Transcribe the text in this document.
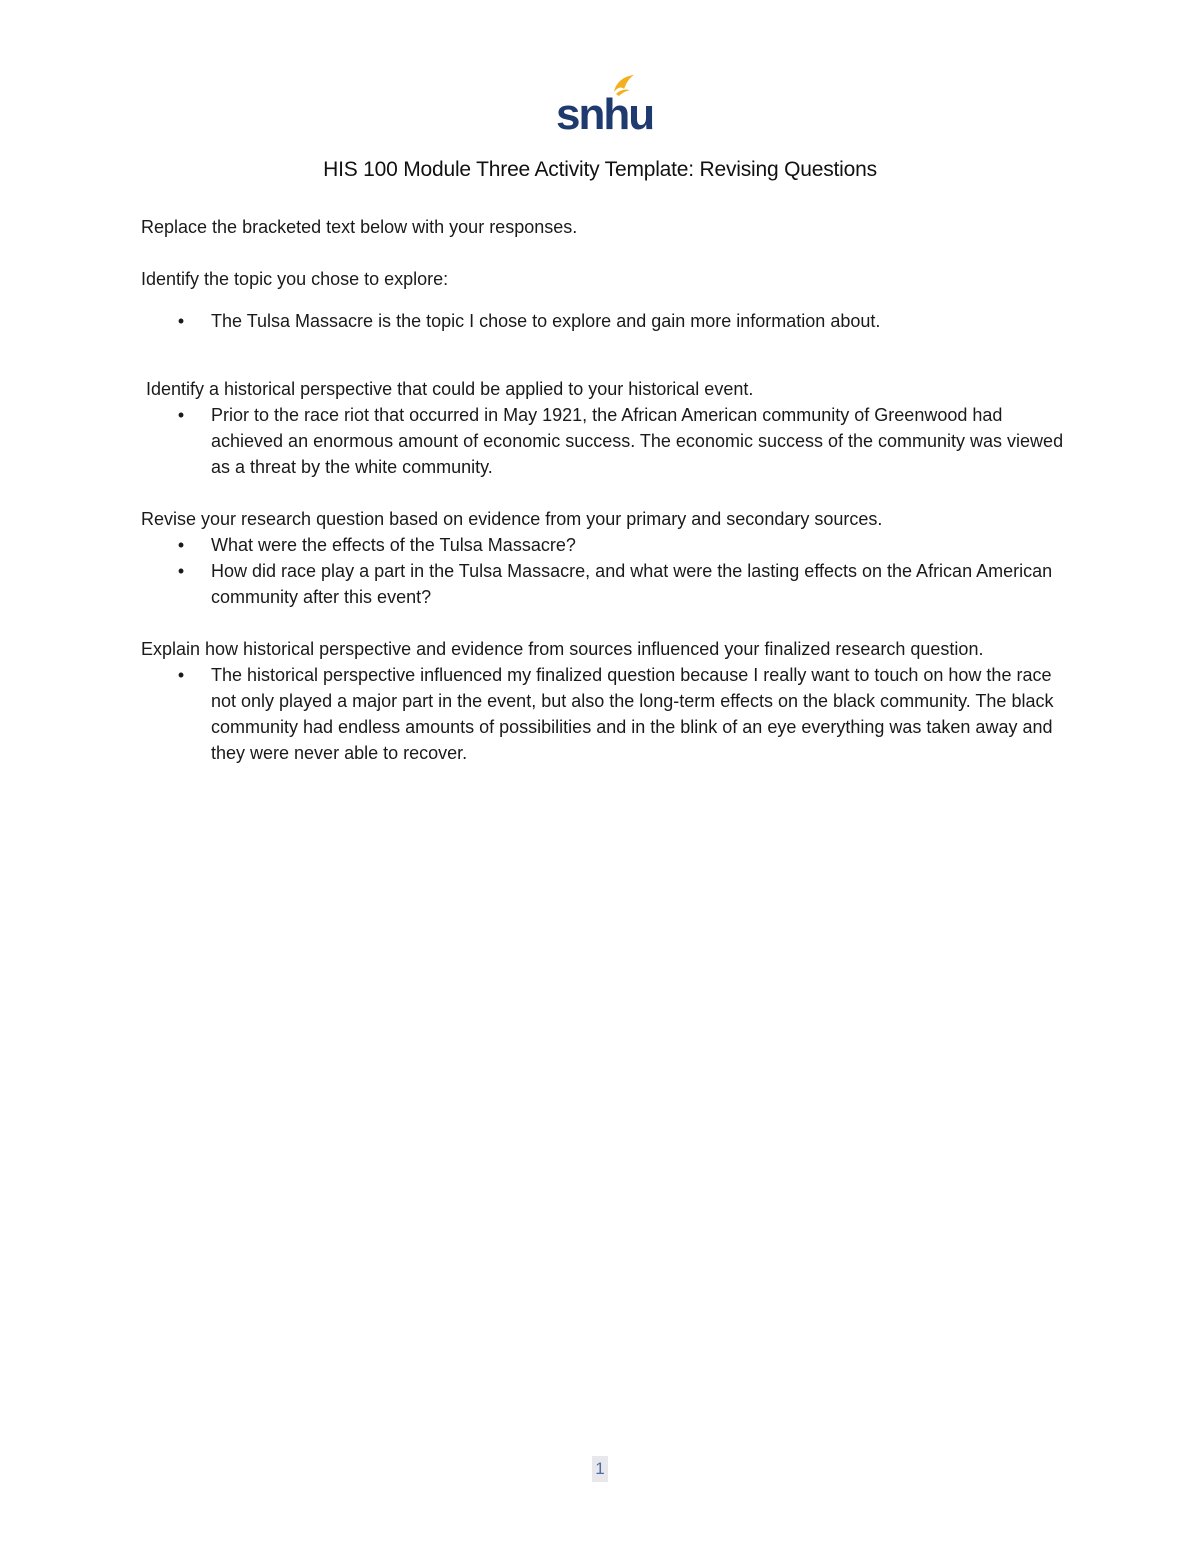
snhu
HIS 100 Module Three Activity Template: Revising Questions

Replace the bracketed text below with your responses.

Identify the topic you chose to explore:

• The Tulsa Massacre is the topic I chose to explore and gain more information about.

Identify a historical perspective that could be applied to your historical event.

• Prior to the race riot that occurred in May 1921, the African American community of Greenwood had achieved an enormous amount of economic success. The economic success of the community was viewed as a threat by the white community.

Revise your research question based on evidence from your primary and secondary sources.

• What were the effects of the Tulsa Massacre?
• How did race play a part in the Tulsa Massacre, and what were the lasting effects on the African American community after this event?

Explain how historical perspective and evidence from sources influenced your finalized research question.

• The historical perspective influenced my finalized question because I really want to touch on how the race not only played a major part in the event, but also the long-term effects on the black community. The black community had endless amounts of possibilities and in the blink of an eye everything was taken away and they were never able to recover.
1
